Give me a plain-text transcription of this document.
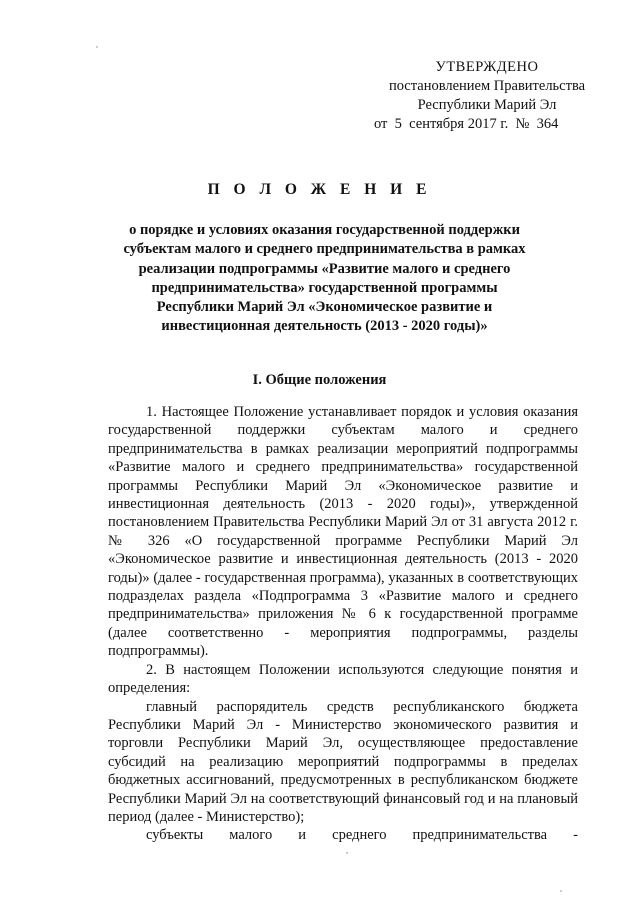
УТВЕРЖДЕНО
постановлением Правительства
Республики Марий Эл
от  5  сентября 2017 г.  №  364
П О Л О Ж Е Н И Е
о порядке и условиях оказания государственной поддержки субъектам малого и среднего предпринимательства в рамках реализации подпрограммы «Развитие малого и среднего предпринимательства» государственной программы Республики Марий Эл «Экономическое развитие и инвестиционная деятельность (2013 - 2020 годы)»
I. Общие положения

1. Настоящее Положение устанавливает порядок и условия оказания государственной поддержки субъектам малого и среднего предпринимательства в рамках реализации мероприятий подпрограммы «Развитие малого и среднего предпринимательства» государственной программы Республики Марий Эл «Экономическое развитие и инвестиционная деятельность (2013 - 2020 годы)», утвержденной постановлением Правительства Республики Марий Эл от 31 августа 2012 г. № 326 «О государственной программе Республики Марий Эл «Экономическое развитие и инвестиционная деятельность (2013 - 2020 годы)» (далее - государственная программа), указанных в соответствующих подразделах раздела «Подпрограмма 3 «Развитие малого и среднего предпринимательства» приложения № 6 к государственной программе (далее соответственно - мероприятия подпрограммы, разделы подпрограммы).

2. В настоящем Положении используются следующие понятия и определения:

главный распорядитель средств республиканского бюджета Республики Марий Эл - Министерство экономического развития и торговли Республики Марий Эл, осуществляющее предоставление субсидий на реализацию мероприятий подпрограммы в пределах бюджетных ассигнований, предусмотренных в республиканском бюджете Республики Марий Эл на соответствующий финансовый год и на плановый период (далее - Министерство);

субъекты малого и среднего предпринимательства -
